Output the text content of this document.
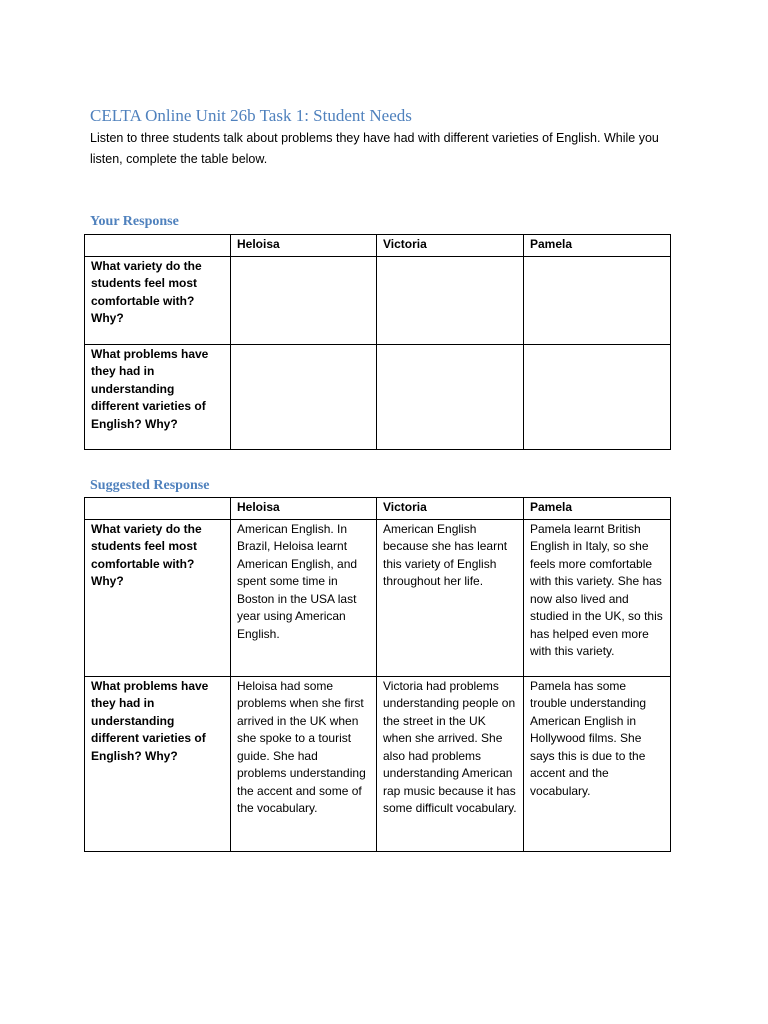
CELTA Online Unit 26b Task 1: Student Needs

Listen to three students talk about problems they have had with different varieties of English. While you listen, complete the table below.

Your Response
	Heloisa	Victoria	Pamela
What variety do the students feel most comfortable with? Why?			
What problems have they had in understanding different varieties of English? Why?			
Suggested Response
	Heloisa	Victoria	Pamela
What variety do the students feel most comfortable with? Why?	American English. In Brazil, Heloisa learnt American English, and spent some time in Boston in the USA last year using American English.	American English because she has learnt this variety of English throughout her life.	Pamela learnt British English in Italy, so she feels more comfortable with this variety. She has now also lived and studied in the UK, so this has helped even more with this variety.
What problems have they had in understanding different varieties of English? Why?	Heloisa had some problems when she first arrived in the UK when she spoke to a tourist guide. She had problems understanding the accent and some of the vocabulary.	Victoria had problems understanding people on the street in the UK when she arrived. She also had problems understanding American rap music because it has some difficult vocabulary.	Pamela has some trouble understanding American English in Hollywood films. She says this is due to the accent and the vocabulary.
